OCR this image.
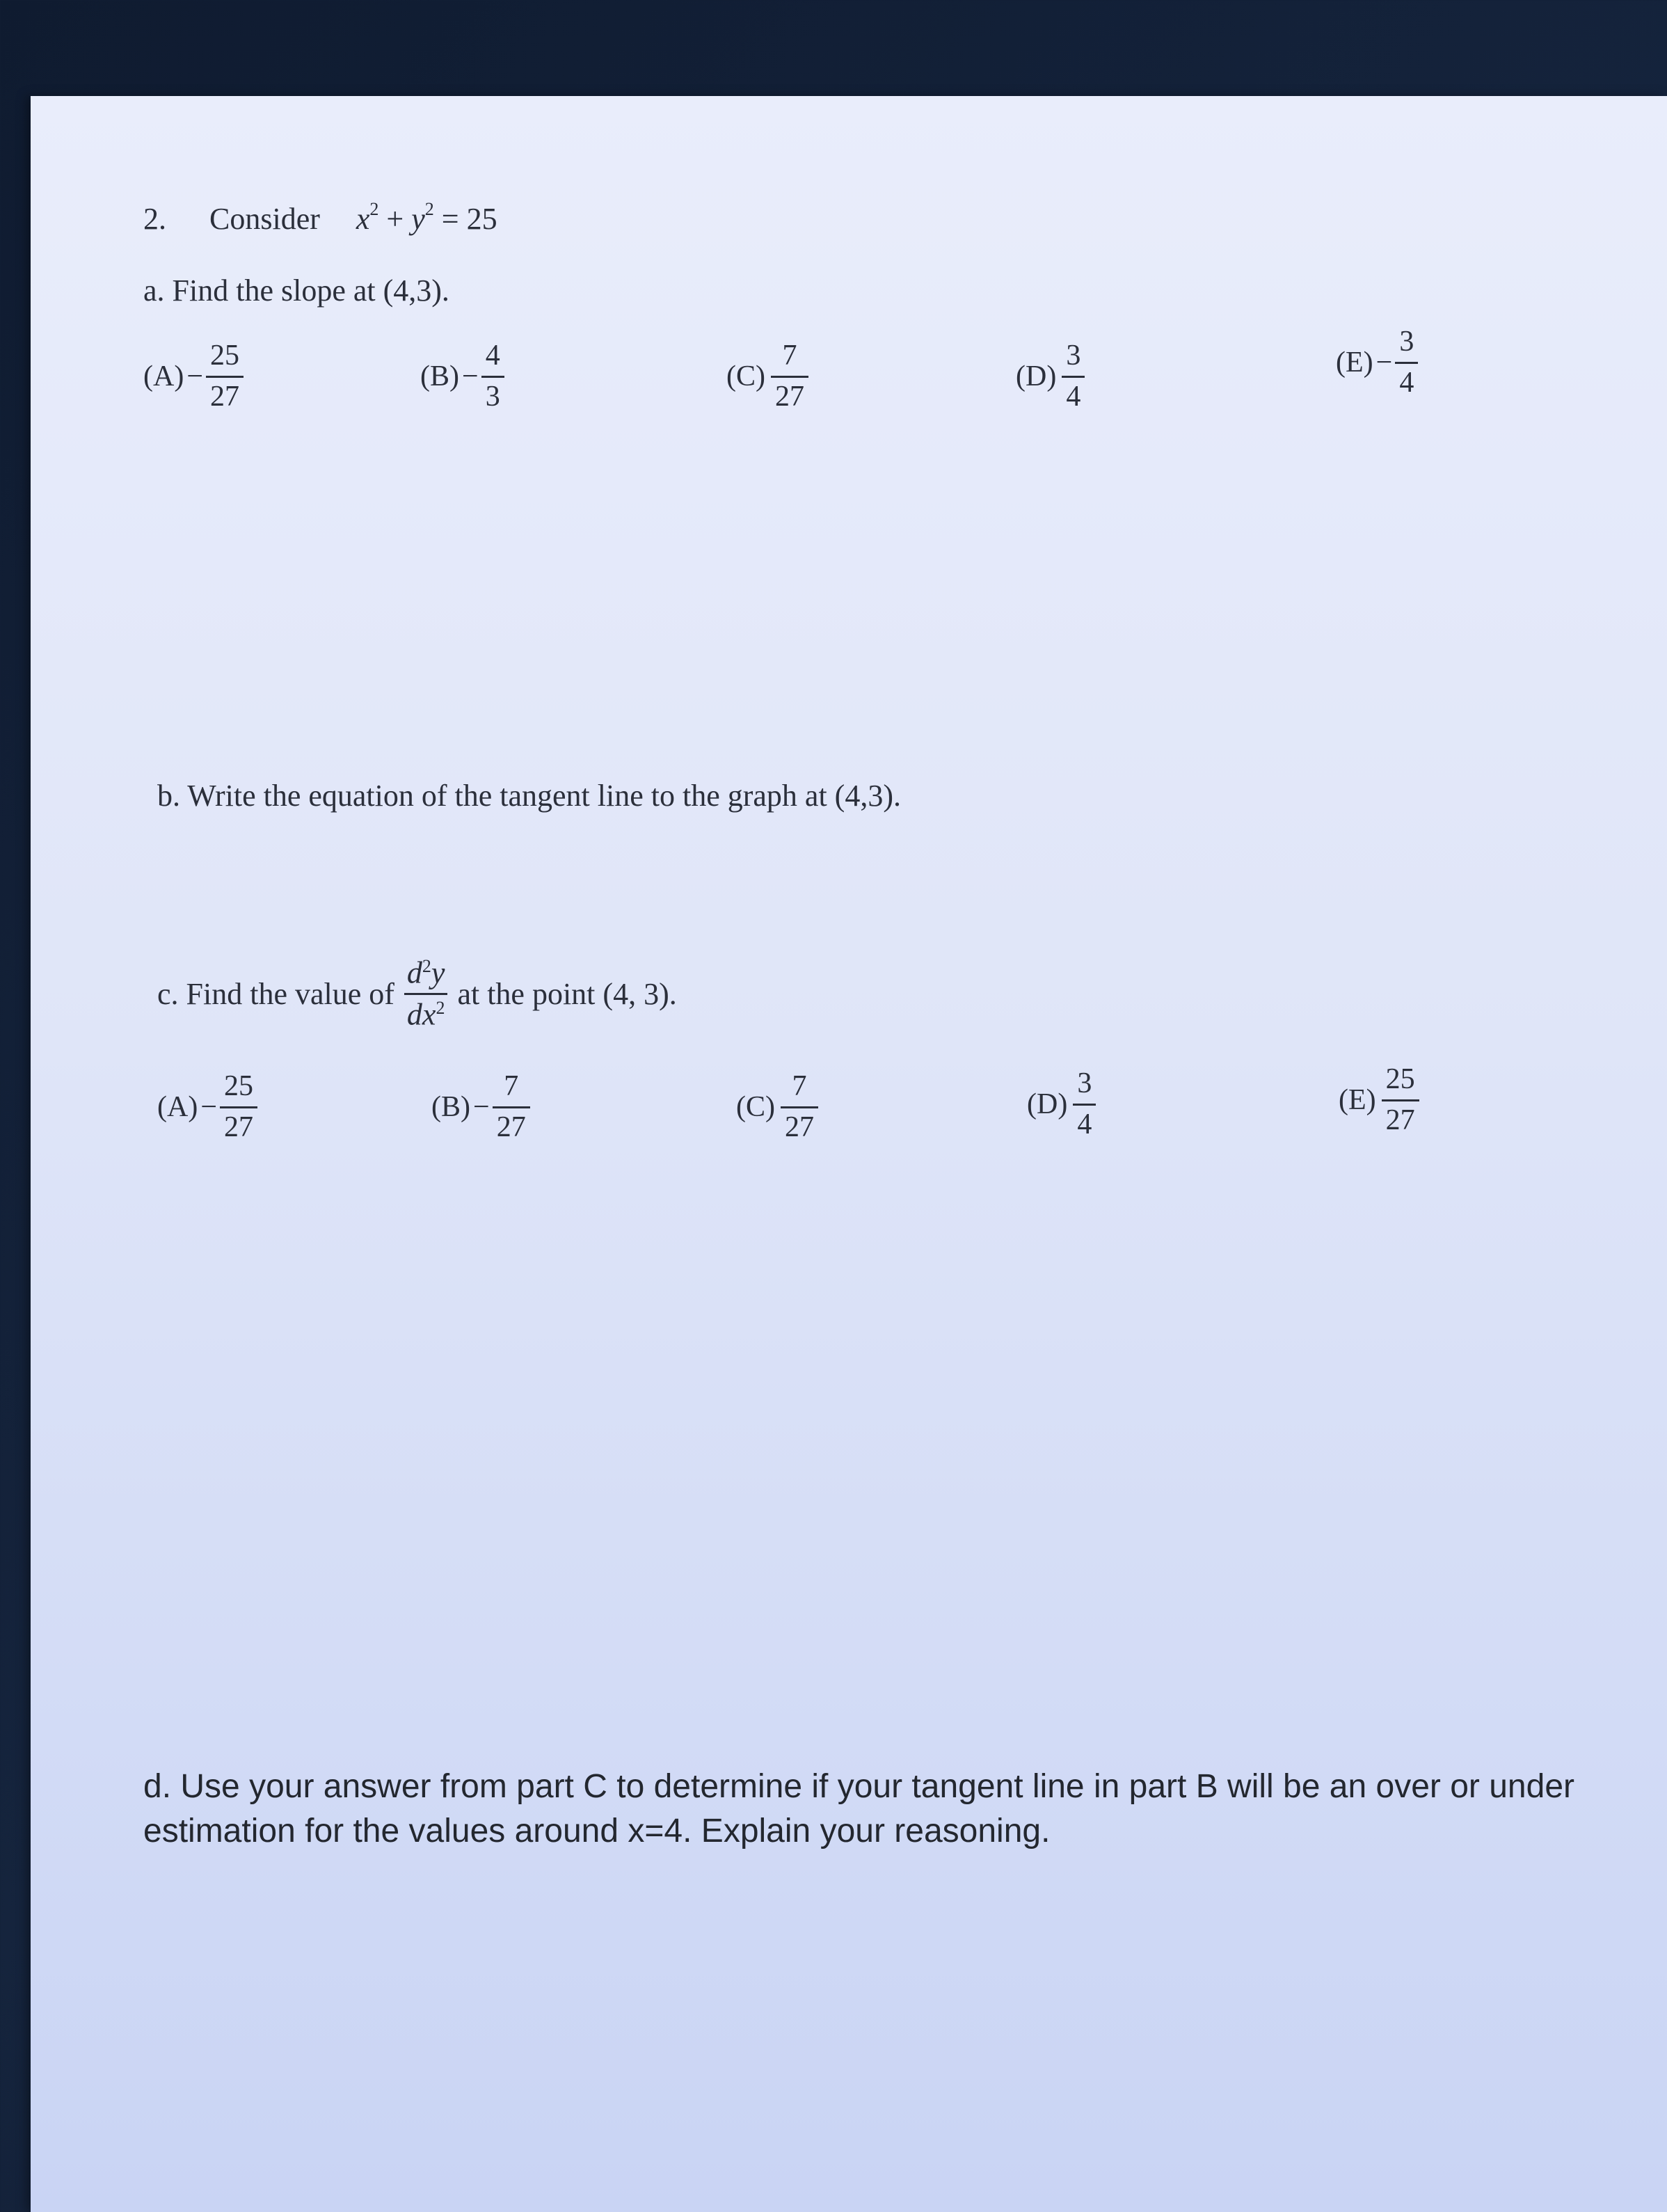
2. Consider $x^2 + y^2 = 25$
a. Find the slope at (4,3).
$(A) - \frac{25}{27}$	$(B) - \frac{4}{3}$	$(C) \frac{7}{27}$	$(D) \frac{3}{4}$	$(E) - \frac{3}{4}$
b. Write the equation of the tangent line to the graph at (4,3).
c. Find the value of $\frac{d^2y}{dx^2}$ at the point (4, 3).
$(A) - \frac{25}{27}$	$(B) - \frac{7}{27}$	$(C) \frac{7}{27}$	$(D) \frac{3}{4}$	$(E) \frac{25}{27}$
d. Use your answer from part C to determine if your tangent line in part B will be an over or under
estimation for the values around x=4. Explain your reasoning.
